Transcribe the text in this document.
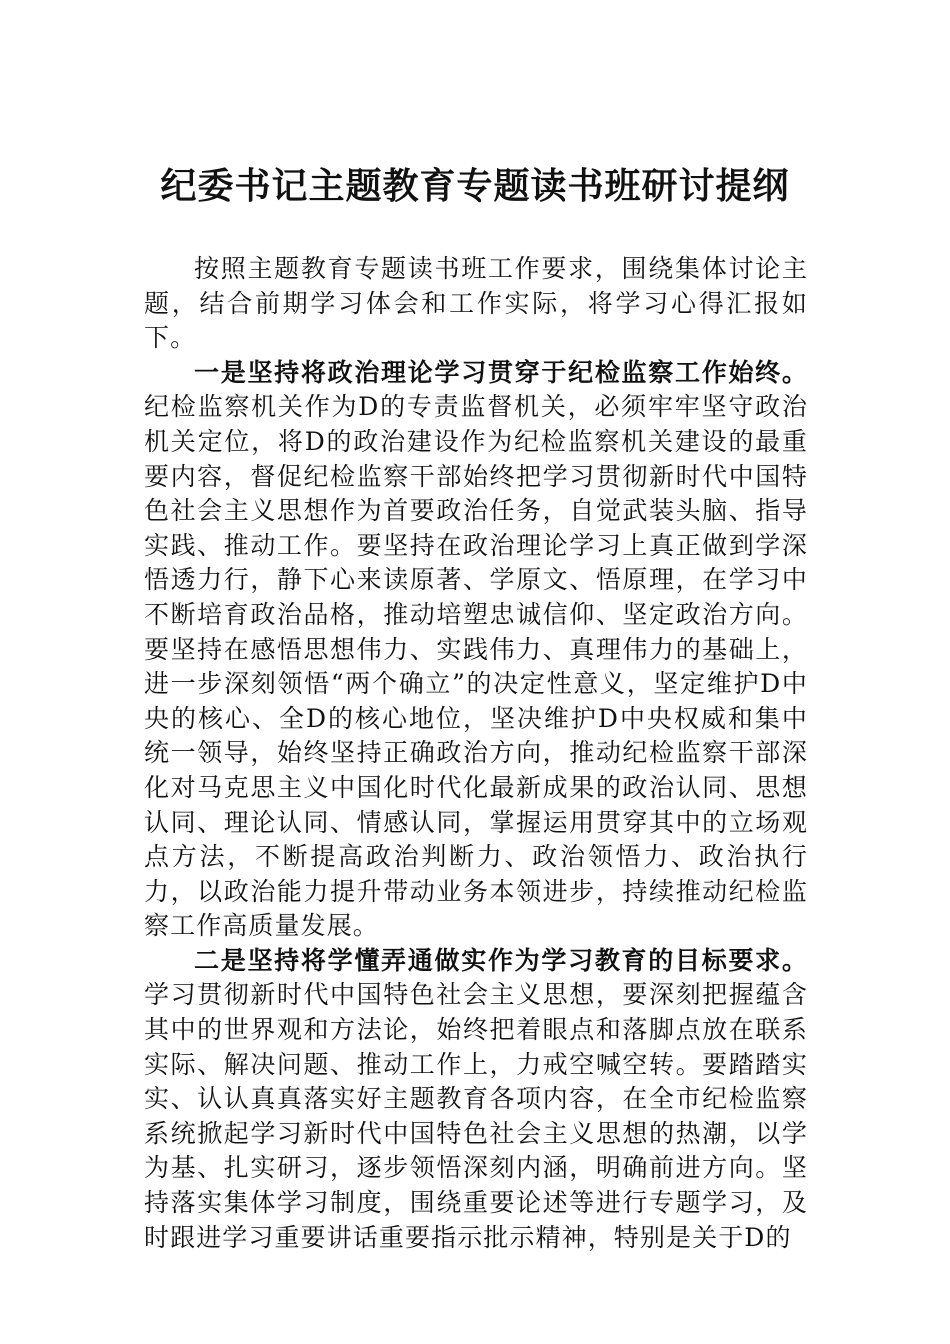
纪委书记主题教育专题读书班研讨提纲

按照主题教育专题读书班工作要求，围绕集体讨论主题，结合前期学习体会和工作实际，将学习心得汇报如下。

一是坚持将政治理论学习贯穿于纪检监察工作始终。纪检监察机关作为D的专责监督机关，必须牢牢坚守政治机关定位，将D的政治建设作为纪检监察机关建设的最重要内容，督促纪检监察干部始终把学习贯彻新时代中国特色社会主义思想作为首要政治任务，自觉武装头脑、指导实践、推动工作。要坚持在政治理论学习上真正做到学深悟透力行，静下心来读原著、学原文、悟原理，在学习中不断培育政治品格，推动培塑忠诚信仰、坚定政治方向。要坚持在感悟思想伟力、实践伟力、真理伟力的基础上，进一步深刻领悟“两个确立”的决定性意义，坚定维护D中央的核心、全D的核心地位，坚决维护D中央权威和集中统一领导，始终坚持正确政治方向，推动纪检监察干部深化对马克思主义中国化时代化最新成果的政治认同、思想认同、理论认同、情感认同，掌握运用贯穿其中的立场观点方法，不断提高政治判断力、政治领悟力、政治执行力，以政治能力提升带动业务本领进步，持续推动纪检监察工作高质量发展。

二是坚持将学懂弄通做实作为学习教育的目标要求。学习贯彻新时代中国特色社会主义思想，要深刻把握蕴含其中的世界观和方法论，始终把着眼点和落脚点放在联系实际、解决问题、推动工作上，力戒空喊空转。要踏踏实实、认认真真落实好主题教育各项内容，在全市纪检监察系统掀起学习新时代中国特色社会主义思想的热潮，以学为基、扎实研习，逐步领悟深刻内涵，明确前进方向。坚持落实集体学习制度，围绕重要论述等进行专题学习，及时跟进学习重要讲话重要指示批示精神，特别是关于D的
